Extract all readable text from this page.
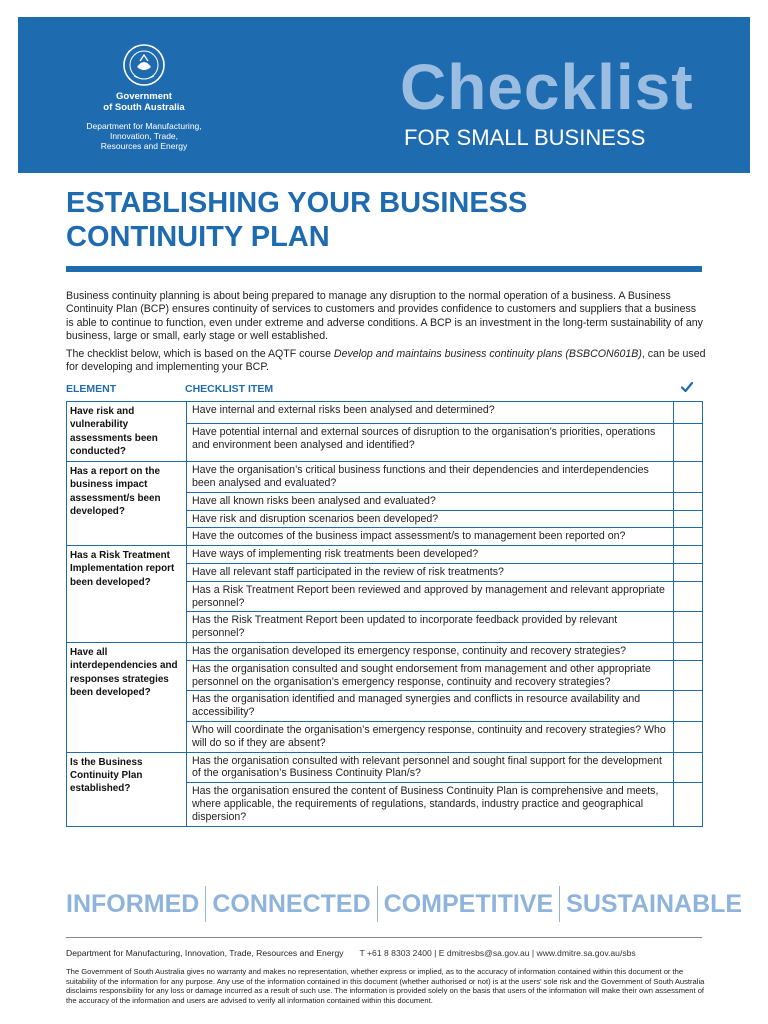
Government
of South Australia
Department for Manufacturing,
Innovation, Trade,
Resources and Energy
Checklist
FOR SMALL BUSINESS
ESTABLISHING YOUR BUSINESS
CONTINUITY PLAN

Business continuity planning is about being prepared to manage any disruption to the normal operation of a business. A Business Continuity Plan (BCP) ensures continuity of services to customers and provides confidence to customers and suppliers that a business is able to continue to function, even under extreme and adverse conditions. A BCP is an investment in the long-term sustainability of any business, large or small, early stage or well established.

The checklist below, which is based on the AQTF course Develop and maintains business continuity plans (BSBCON601B), can be used for developing and implementing your BCP.

ELEMENT	CHECKLIST ITEM
Have risk and vulnerability assessments been conducted?	Have internal and external risks been analysed and determined?	
	Have potential internal and external sources of disruption to the organisation’s priorities, operations and environment been analysed and identified?	
Has a report on the business impact assessment/s been developed?	Have the organisation’s critical business functions and their dependencies and interdependencies been analysed and evaluated?	
	Have all known risks been analysed and evaluated?	
	Have risk and disruption scenarios been developed?	
	Have the outcomes of the business impact assessment/s to management been reported on?	
Has a Risk Treatment Implementation report been developed?	Have ways of implementing risk treatments been developed?	
	Have all relevant staff participated in the review of risk treatments?	
	Has a Risk Treatment Report been reviewed and approved by management and relevant appropriate personnel?	
	Has the Risk Treatment Report been updated to incorporate feedback provided by relevant personnel?	
Have all interdependencies and responses strategies been developed?	Has the organisation developed its emergency response, continuity and recovery strategies?	
	Has the organisation consulted and sought endorsement from management and other appropriate personnel on the organisation’s emergency response, continuity and recovery strategies?	
	Has the organisation identified and managed synergies and conflicts in resource availability and accessibility?	
	Who will coordinate the organisation’s emergency response, continuity and recovery strategies? Who will do so if they are absent?	
Is the Business Continuity Plan established?	Has the organisation consulted with relevant personnel and sought final support for the development of the organisation’s Business Continuity Plan/s?	
	Has the organisation ensured the content of Business Continuity Plan is comprehensive and meets, where applicable, the requirements of regulations, standards, industry practice and geographical dispersion?	
INFORMED CONNECTED COMPETITIVE SUSTAINABLE
Department for Manufacturing, Innovation, Trade, Resources and Energy T +61 8 8303 2400 | E dmitresbs@sa.gov.au | www.dmitre.sa.gov.au/sbs
The Government of South Australia gives no warranty and makes no representation, whether express or implied, as to the accuracy of information contained within this document or the suitability of the information for any purpose. Any use of the information contained in this document (whether authorised or not) is at the users’ sole risk and the Government of South Australia disclaims responsibility for any loss or damage incurred as a result of such use. The information is provided solely on the basis that users of the information will make their own assessment of the accuracy of the information and users are advised to verify all information contained within this document.
